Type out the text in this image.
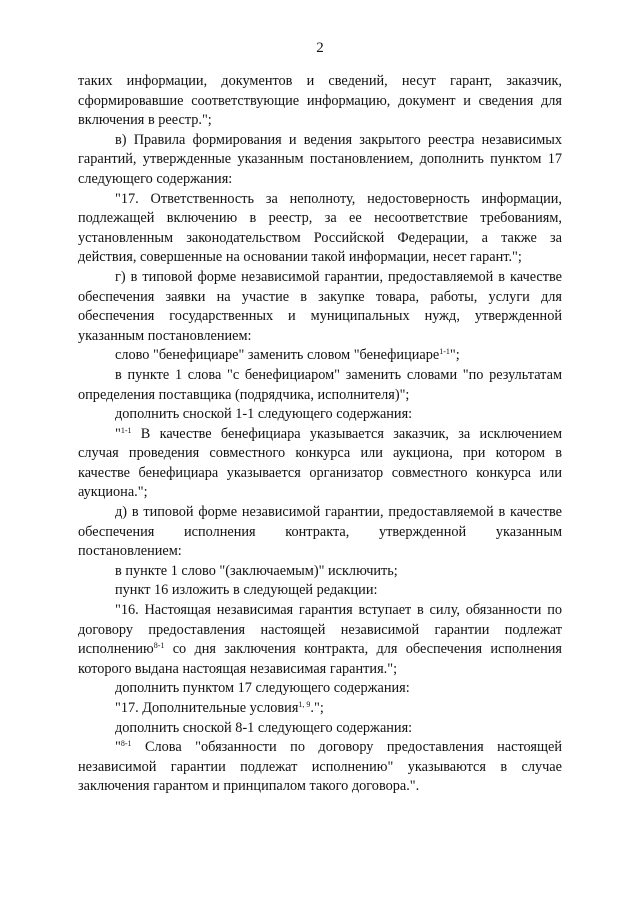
2

таких информации, документов и сведений, несут гарант, заказчик, сформировавшие соответствующие информацию, документ и сведения для включения в реестр.";

в) Правила формирования и ведения закрытого реестра независимых гарантий, утвержденные указанным постановлением, дополнить пунктом 17 следующего содержания:

"17. Ответственность за неполноту, недостоверность информации, подлежащей включению в реестр, за ее несоответствие требованиям, установленным законодательством Российской Федерации, а также за действия, совершенные на основании такой информации, несет гарант.";

г) в типовой форме независимой гарантии, предоставляемой в качестве обеспечения заявки на участие в закупке товара, работы, услуги для обеспечения государственных и муниципальных нужд, утвержденной указанным постановлением:

слово "бенефициаре" заменить словом "бенефициаре$^{1-1}$";

в пункте 1 слова "с бенефициаром" заменить словами "по результатам определения поставщика (подрядчика, исполнителя)";

дополнить сноской 1-1 следующего содержания:

"$^{1-1}$ В качестве бенефициара указывается заказчик, за исключением случая проведения совместного конкурса или аукциона, при котором в качестве бенефициара указывается организатор совместного конкурса или аукциона.";

д) в типовой форме независимой гарантии, предоставляемой в качестве обеспечения исполнения контракта, утвержденной указанным постановлением:

в пункте 1 слово "(заключаемым)" исключить;

пункт 16 изложить в следующей редакции:

"16. Настоящая независимая гарантия вступает в силу, обязанности по договору предоставления настоящей независимой гарантии подлежат исполнению$^{8-1}$ со дня заключения контракта, для обеспечения исполнения которого выдана настоящая независимая гарантия.";

дополнить пунктом 17 следующего содержания:

"17. Дополнительные условия$^{1, 9}$.";

дополнить сноской 8-1 следующего содержания:

"$^{8-1}$ Слова "обязанности по договору предоставления настоящей независимой гарантии подлежат исполнению" указываются в случае заключения гарантом и принципалом такого договора.".
